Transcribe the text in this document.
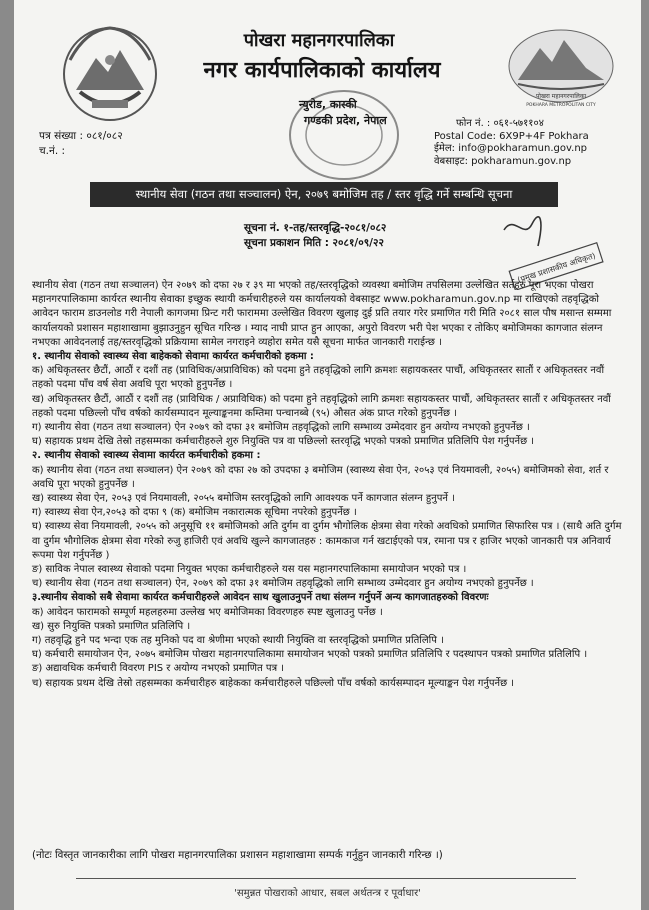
पोखरा महानगरपालिका
नगर कार्यपालिकाको कार्यालय
न्युरोड, कास्की
गण्डकी प्रदेश, नेपाल
पोखरा महानगरपालिका
POKHARA METROPOLITAN CITY
पत्र संख्या : ०८१/०८२
च.नं. :
फोन नं. : ०६१-५७११०४
Postal Code: 6X9P+4F Pokhara
ईमेल: info@pokharamun.gov.np
वेबसाइट: pokharamun.gov.np
स्थानीय सेवा (गठन तथा सञ्चालन) ऐन, २०७९ बमोजिम तह / स्तर वृद्धि गर्ने सम्बन्धि सूचना
सूचना नं. १-तह/स्तरवृद्धि-२०८१/०८२
सूचना प्रकाशन मिति : २०८१/०९/२२
(प्रमुख प्रशासकीय अधिकृत)

स्थानीय सेवा (गठन तथा सञ्चालन) ऐन २०७९ को दफा २७ र ३९ मा भएको तह/स्तरवृद्धिको व्यवस्था बमोजिम तपसिलमा उल्लेखित सर्तहरु पूरा भएका पोखरा महानगरपालिकामा कार्यरत स्थानीय सेवाका इच्छुक स्थायी कर्मचारीहरुले यस कार्यालयको वेबसाइट www.pokharamun.gov.np मा राखिएको तहवृद्धिको आवेदन फाराम डाउनलोड गरी नेपाली कागजमा प्रिन्ट गरी फाराममा उल्लेखित विवरण खुलाइ दुई प्रति तयार गरेर प्रमाणित गरी मिति २०८१ साल पौष मसान्त सम्ममा कार्यालयको प्रशासन महाशाखामा बुझाउनुहुन सूचित गरिन्छ । म्याद नाघी प्राप्त हुन आएका, अपुरो विवरण भरी पेश भएका र तोकिए बमोजिमका कागजात संलग्न नभएका आवेदनलाई तह/स्तरवृद्धिको प्रक्रियामा सामेल नगराइने व्यहोरा समेत यसै सूचना मार्फत जानकारी गराईन्छ ।

१. स्थानीय सेवाको स्वास्थ्य सेवा बाहेकको सेवामा कार्यरत कर्मचारीको हकमा :

क) अधिकृतस्तर छैटौं, आठौं र दशौं तह (प्राविधिक/अप्राविधिक) को पदमा हुने तहवृद्धिको लागि क्रमशः सहायकस्तर पाचौं, अधिकृतस्तर सातौं र अधिकृतस्तर नवौं तहको पदमा पाँच वर्ष सेवा अवधि पूरा भएको हुनुपर्नेछ ।

ख) अधिकृतस्तर छैटौं, आठौं र दशौं तह (प्राविधिक / अप्राविधिक) को पदमा हुने तहवृद्धिको लागि क्रमशः सहायकस्तर पाचौं, अधिकृतस्तर सातौं र अधिकृतस्तर नवौं तहको पदमा पछिल्लो पाँच वर्षको कार्यसम्पादन मूल्याङ्कनमा कम्तिमा पन्चानब्बे (९५) औसत अंक प्राप्त गरेको हुनुपर्नेछ ।

ग) स्थानीय सेवा (गठन तथा सञ्चालन) ऐन २०७९ को दफा ३१ बमोजिम तहवृद्धिको लागि सम्भाव्य उम्मेदवार हुन अयोग्य नभएको हुनुपर्नेछ ।

घ) सहायक प्रथम देखि तेस्रो तहसम्मका कर्मचारीहरुले शुरु नियुक्ति पत्र वा पछिल्लो स्तरवृद्धि भएको पत्रको प्रमाणित प्रतिलिपि पेश गर्नुपर्नेछ ।

२. स्थानीय सेवाको स्वास्थ्य सेवामा कार्यरत कर्मचारीको हकमा :

क) स्थानीय सेवा (गठन तथा सञ्चालन) ऐन २०७९ को दफा २७ को उपदफा ३ बमोजिम (स्वास्थ्य सेवा ऐन, २०५३ एवं नियमावली, २०५५) बमोजिमको सेवा, शर्त र अवधि पूरा भएको हुनुपर्नेछ ।

ख) स्वास्थ्य सेवा ऐन, २०५३ एवं नियमावली, २०५५ बमोजिम स्तरवृद्धिको लागि आवश्यक पर्ने कागजात संलग्न हुनुपर्ने ।

ग) स्वास्थ्य सेवा ऐन,२०५३ को दफा ९ (क) बमोजिम नकारात्मक सूचिमा नपरेको हुनुपर्नेछ ।

घ) स्वास्थ्य सेवा नियमावली, २०५५ को अनुसूचि ११ बमोजिमको अति दुर्गम वा दुर्गम भौगोलिक क्षेत्रमा सेवा गरेको अवधिको प्रमाणित सिफारिस पत्र । (साथै अति दुर्गम वा दुर्गम भौगोलिक क्षेत्रमा सेवा गरेको रुजु हाजिरी एवं अवधि खुल्ने कागजातहरु : कामकाज गर्न खटाईएको पत्र, रमाना पत्र र हाजिर भएको जानकारी पत्र अनिवार्य रूपमा पेश गर्नुपर्नेछ )

ङ) साविक नेपाल स्वास्थ्य सेवाको पदमा नियुक्त भएका कर्मचारीहरुले यस यस महानगरपालिकामा समायोजन भएको पत्र ।

च) स्थानीय सेवा (गठन तथा सञ्चालन) ऐन, २०७९ को दफा ३१ बमोजिम तहवृद्धिको लागि सम्भाव्य उम्मेदवार हुन अयोग्य नभएको हुनुपर्नेछ ।

३.स्थानीय सेवाको सबै सेवामा कार्यरत कर्मचारीहरुले आवेदन साथ खुलाउनुपर्ने तथा संलग्न गर्नुपर्ने अन्य कागजातहरुको विवरणः

क) आवेदन फारामको सम्पूर्ण महलहरुमा उल्लेख भए बमोजिमका विवरणहरु स्पष्ट खुलाउनु पर्नेछ ।

ख) सुरु नियुक्ति पत्रको प्रमाणित प्रतिलिपि ।

ग) तहवृद्धि हुने पद भन्दा एक तह मुनिको पद वा श्रेणीमा भएको स्थायी नियुक्ति वा स्तरवृद्धिको प्रमाणित प्रतिलिपि ।

घ) कर्मचारी समायोजन ऐन, २०७५ बमोजिम पोखरा महानगरपालिकामा समायोजन भएको पत्रको प्रमाणित प्रतिलिपि र पदस्थापन पत्रको प्रमाणित प्रतिलिपि ।

ङ) अद्यावधिक कर्मचारी विवरण PIS र अयोग्य नभएको प्रमाणित पत्र ।

च) सहायक प्रथम देखि तेस्रो तहसम्मका कर्मचारीहरु बाहेकका कर्मचारीहरुले पछिल्लो पाँच वर्षको कार्यसम्पादन मूल्याङ्कन पेश गर्नुपर्नेछ ।

(नोटः विस्तृत जानकारीका लागि पोखरा महानगरपालिका प्रशासन महाशाखामा सम्पर्क गर्नुहुन जानकारी गरिन्छ ।)
'समुन्नत पोखराको आधार, सबल अर्थतन्त्र र पूर्वाधार'
